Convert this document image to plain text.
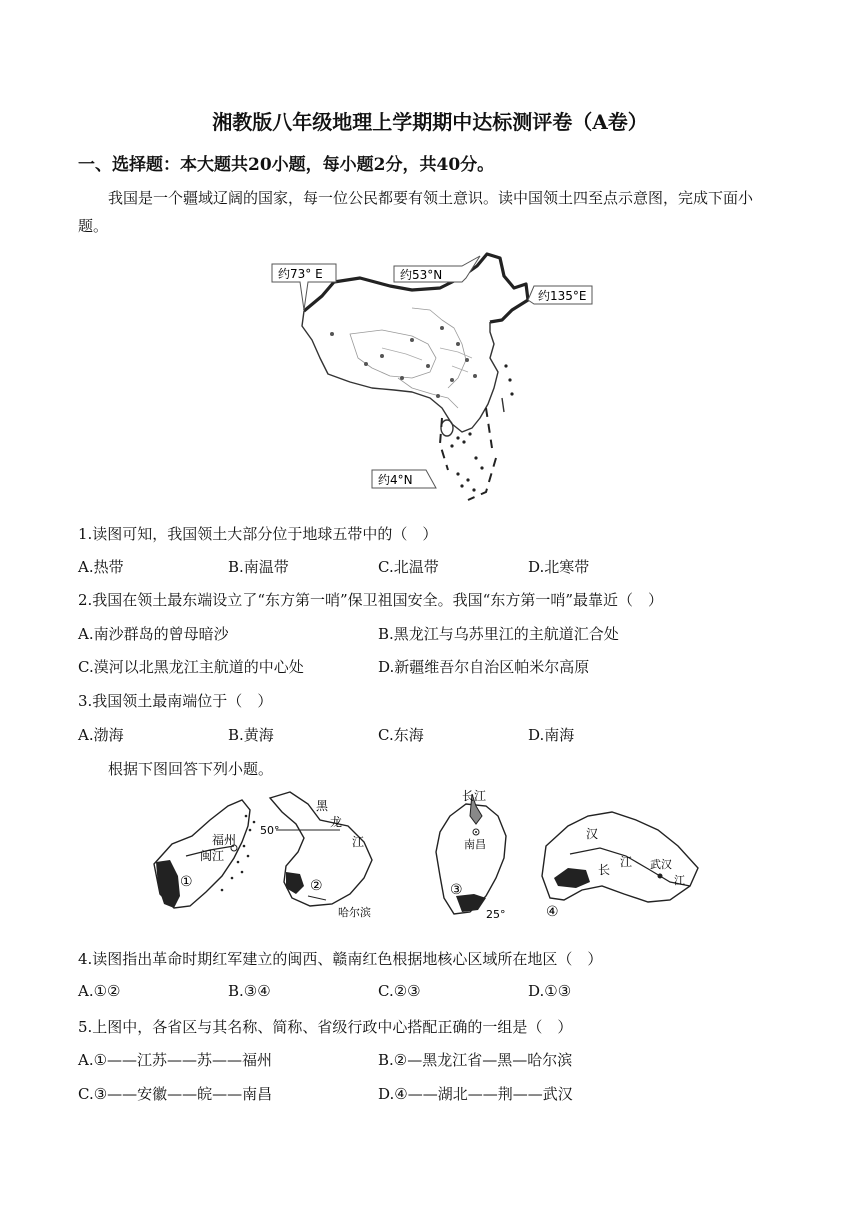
湘教版八年级地理上学期期中达标测评卷（A卷）
一、选择题：本大题共20小题，每小题2分，共40分。
我国是一个疆域辽阔的国家，每一位公民都要有领土意识。读中国领土四至点示意图，完成下面小题。
约73° E	约53°N
约135°E
约4°N
1.读图可知，我国领土大部分位于地球五带中的（　）
A.热带	B.南温带	C.北温带	D.北寒带
2.我国在领土最东端设立了“东方第一哨”保卫祖国安全。我国“东方第一哨”最靠近（　）
A.南沙群岛的曾母暗沙	B.黑龙江与乌苏里江的主航道汇合处
C.漠河以北黑龙江主航道的中心处	D.新疆维吾尔自治区帕米尔高原
3.我国领土最南端位于（　）
A.渤海	B.黄海	C.东海	D.南海
根据下图回答下列小题。
福州
闽江
①
50°
黑
龙
江
哈尔滨
②
长江
南昌
25°
③
汉
长
江 武汉
江
④
4.读图指出革命时期红军建立的闽西、赣南红色根据地核心区域所在地区（　）
A.①②	B.③④	C.②③	D.①③
5.上图中，各省区与其名称、简称、省级行政中心搭配正确的一组是（　）
A.①——江苏——苏——福州	B.②—黑龙江省—黑—哈尔滨
C.③——安徽——皖——南昌	D.④——湖北——荆——武汉
